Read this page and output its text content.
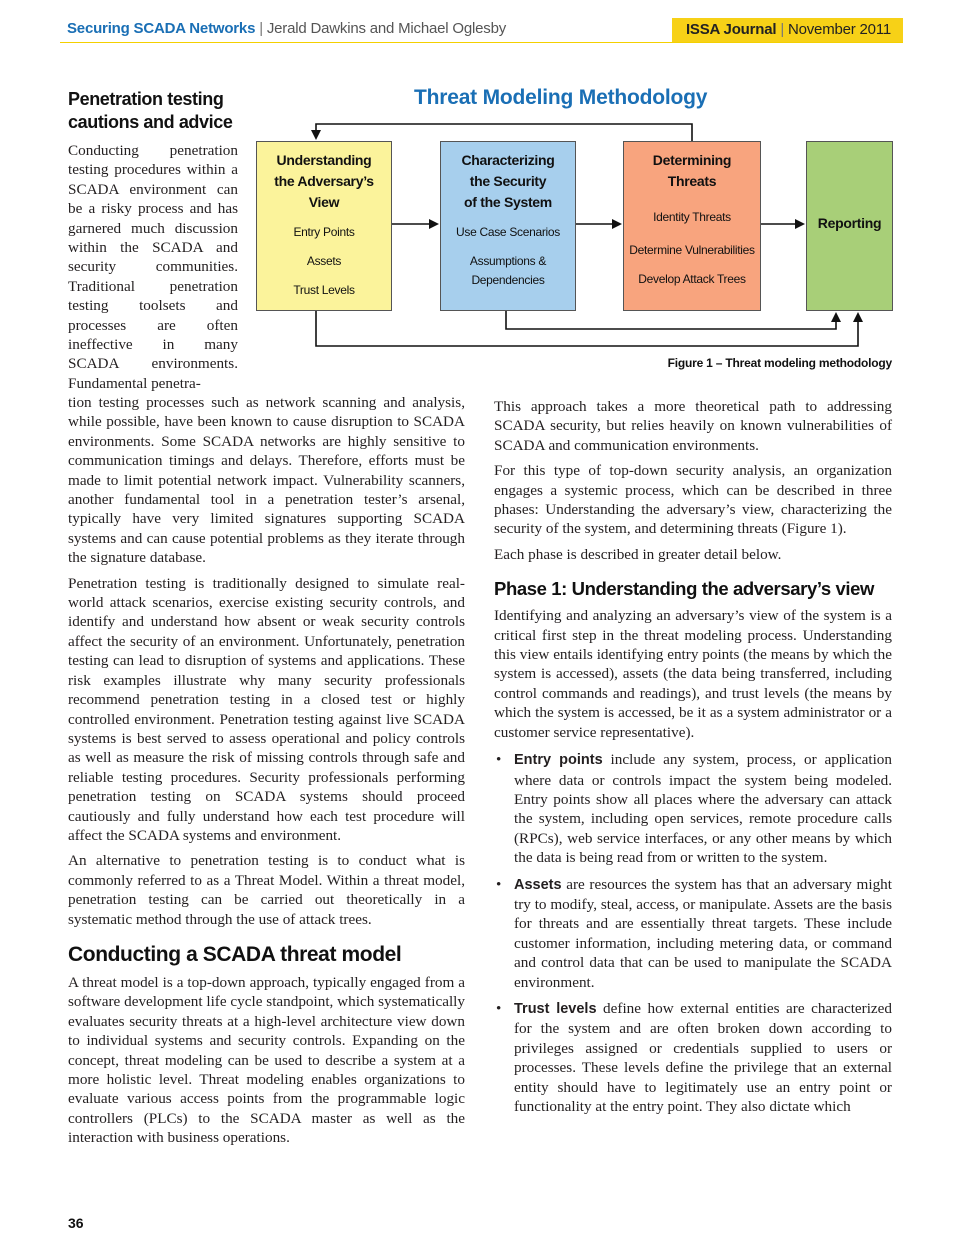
Securing SCADA Networks | Jerald Dawkins and Michael Oglesby	ISSA Journal | November 2011
Penetration testing cautions and advice

Conducting penetration testing procedures within a SCADA environment can be a risky process and has garnered much discussion within the SCADA and security communities. Traditional penetration testing toolsets and processes are often ineffective in many SCADA environments. Fundamental penetra-

Threat Modeling Methodology
Understanding
the Adversary’s
View
Entry Points
Assets
Trust Levels
Characterizing
the Security
of the System
Use Case Scenarios
Assumptions &
Dependencies
Determining
Threats
Identity Threats
Determine Vulnerabilities
Develop Attack Trees
Reporting
Figure 1 – Threat modeling methodology

tion testing processes such as network scanning and analysis, while possible, have been known to cause disruption to SCADA environments. Some SCADA networks are highly sensitive to communication timings and delays. Therefore, efforts must be made to limit potential network impact. Vulnerability scanners, another fundamental tool in a penetration tester’s arsenal, typically have very limited signatures supporting SCADA systems and can cause potential problems as they iterate through the signature database.

Penetration testing is traditionally designed to simulate real-world attack scenarios, exercise existing security controls, and identify and understand how absent or weak security controls affect the security of an environment. Unfortunately, penetration testing can lead to disruption of systems and applications. These risk examples illustrate why many security professionals recommend penetration testing in a closed test or highly controlled environment. Penetration testing against live SCADA systems is best served to assess operational and policy controls as well as measure the risk of missing controls through safe and reliable testing procedures. Security professionals performing penetration testing on SCADA systems should proceed cautiously and fully understand how each test procedure will affect the SCADA systems and environment.

An alternative to penetration testing is to conduct what is commonly referred to as a Threat Model. Within a threat model, penetration testing can be carried out theoretically in a systematic method through the use of attack trees.

Conducting a SCADA threat model

A threat model is a top-down approach, typically engaged from a software development life cycle standpoint, which systematically evaluates security threats at a high-level architecture view down to individual systems and security controls. Expanding on the concept, threat modeling can be used to describe a system at a more holistic level. Threat modeling enables organizations to evaluate various access points from the programmable logic controllers (PLCs) to the SCADA master as well as the interaction with business operations.

This approach takes a more theoretical path to addressing SCADA security, but relies heavily on known vulnerabilities of SCADA and communication environments.

For this type of top-down security analysis, an organization engages a systemic process, which can be described in three phases: Understanding the adversary’s view, characterizing the security of the system, and determining threats (Figure 1).

Each phase is described in greater detail below.

Phase 1: Understanding the adversary’s view

Identifying and analyzing an adversary’s view of the system is a critical first step in the threat modeling process. Understanding this view entails identifying entry points (the means by which the system is accessed), assets (the data being transferred, including control commands and readings), and trust levels (the means by which the system is accessed, be it as a system administrator or a customer service representative).

• Entry points include any system, process, or application where data or controls impact the system being modeled. Entry points show all places where the adversary can attack the system, including open services, remote procedure calls (RPCs), web service interfaces, or any other means by which the data is being read from or written to the system.
• Assets are resources the system has that an adversary might try to modify, steal, access, or manipulate. Assets are the basis for threats and are essentially threat targets. These include customer information, including metering data, or command and control data that can be used to manipulate the SCADA environment.
• Trust levels define how external entities are characterized for the system and are often broken down according to privileges assigned or credentials supplied to users or processes. These levels define the privilege that an external entity should have to legitimately use an entry point or functionality at the entry point. They also dictate which
36
